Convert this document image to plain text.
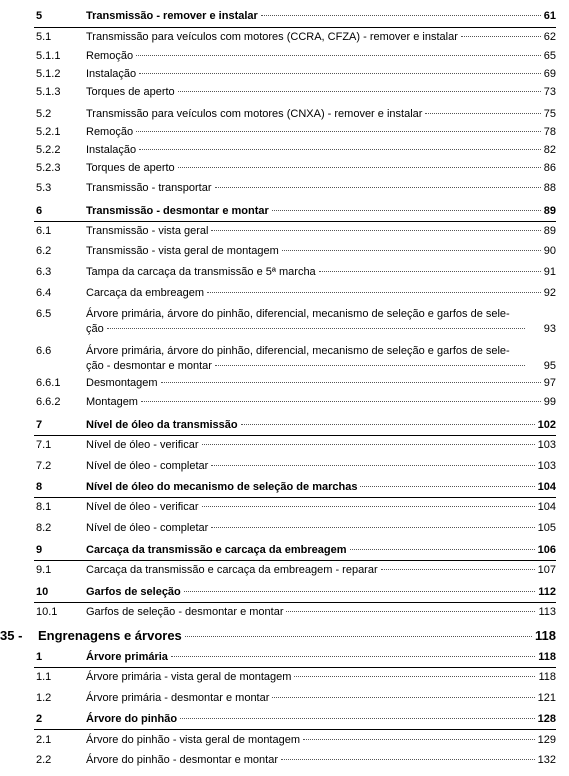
5	Transmissão - remover e instalar	61
5.1	Transmissão para veículos com motores (CCRA, CFZA) - remover e instalar	62
5.1.1 Remoção	65
5.1.2 Instalação	69
5.1.3 Torques de aperto	73
5.2	Transmissão para veículos com motores (CNXA) - remover e instalar	75
5.2.1 Remoção	78
5.2.2 Instalação	82
5.2.3 Torques de aperto	86
5.3	Transmissão - transportar	88
6	Transmissão - desmontar e montar	89
6.1	Transmissão - vista geral	89
6.2	Transmissão - vista geral de montagem	90
6.3	Tampa da carcaça da transmissão e 5ª marcha	91
6.4	Carcaça da embreagem	92
6.5	Árvore primária, árvore do pinhão, diferencial, mecanismo de seleção e garfos de sele-
ção	93
6.6	Árvore primária, árvore do pinhão, diferencial, mecanismo de seleção e garfos de sele-
ção - desmontar e montar	95
6.6.1 Desmontagem	97
6.6.2 Montagem	99
7	Nível de óleo da transmissão	102
7.1	Nível de óleo - verificar	103
7.2	Nível de óleo - completar	103
8	Nível de óleo do mecanismo de seleção de marchas	104
8.1	Nível de óleo - verificar	104
8.2	Nível de óleo - completar	105
9	Carcaça da transmissão e carcaça da embreagem	106
9.1	Carcaça da transmissão e carcaça da embreagem - reparar	107
10	Garfos de seleção	112
10.1	Garfos de seleção - desmontar e montar	113
35 -	Engrenagens e árvores	118
1	Árvore primária	118
1.1	Árvore primária - vista geral de montagem	118
1.2	Árvore primária - desmontar e montar	121
2	Árvore do pinhão	128
2.1	Árvore do pinhão - vista geral de montagem	129
2.2	Árvore do pinhão - desmontar e montar	132
